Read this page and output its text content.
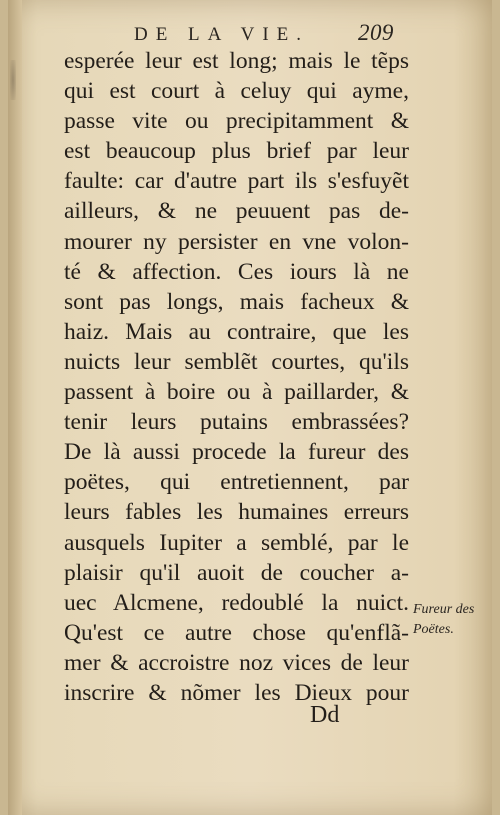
DE LA VIE. 209
esperée leur est long; mais le tẽps
qui est court à celuy qui ayme,
passe vite ou precipitamment &
est beaucoup plus brief par leur
faulte: car d'autre part ils s'esfuyẽt
ailleurs, & ne peuuent pas de-
mourer ny persister en vne volon-
té & affection. Ces iours là ne
sont pas longs, mais facheux &
haiz. Mais au contraire, que les
nuicts leur semblẽt courtes, qu'ils
passent à boire ou à paillarder, &
tenir leurs putains embrassées?
De là aussi procede la fureur des
poëtes, qui entretiennent, par
leurs fables les humaines erreurs
ausquels Iupiter a semblé, par le
plaisir qu'il auoit de coucher a-
uec Alcmene, redoublé la nuict.
Qu'est ce autre chose qu'enflã-
mer & accroistre noz vices de leur
inscrire & nõmer les Dieux pour
Dd
Fureur des
Poëtes.
